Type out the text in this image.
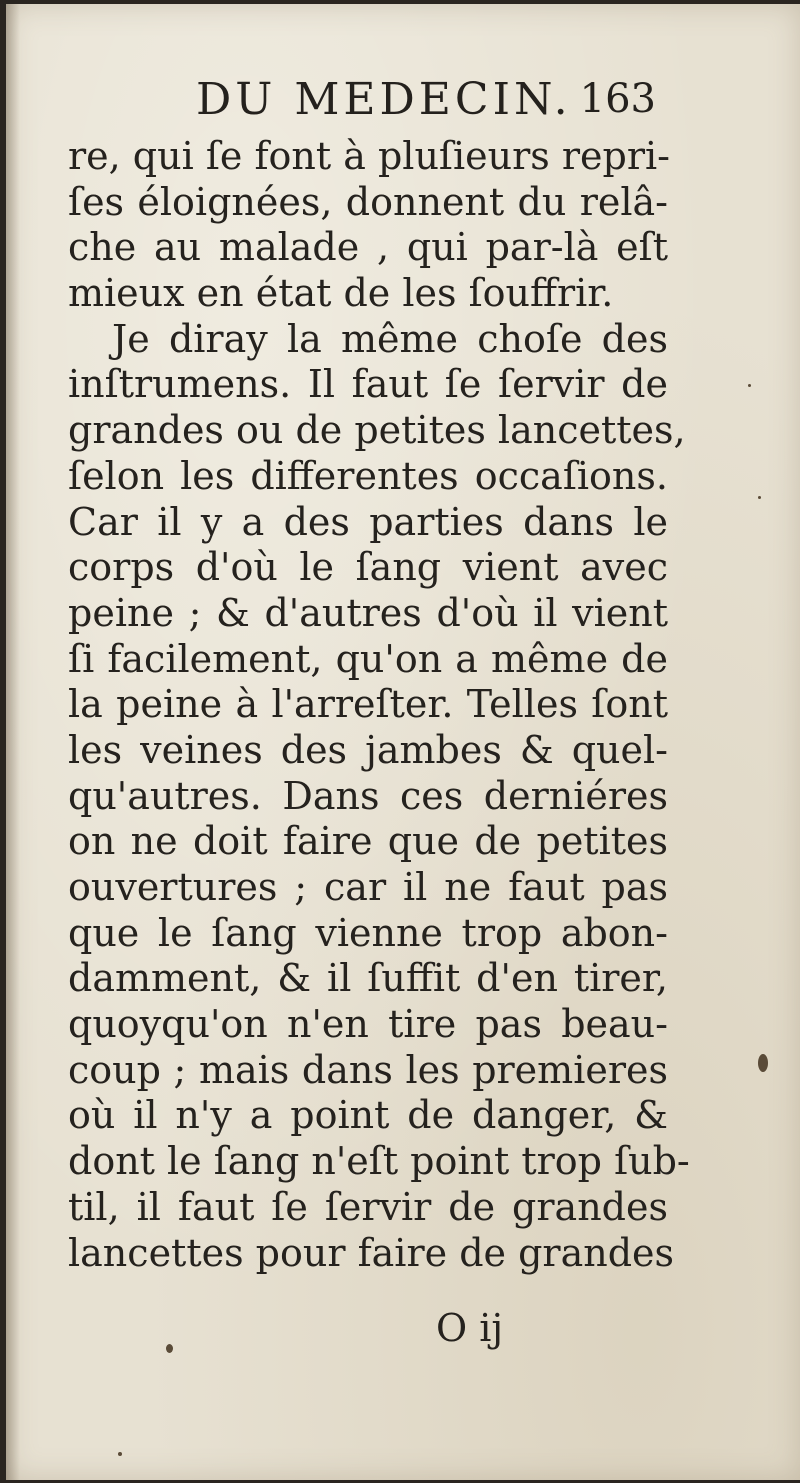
DU MEDECIN. 163
re, qui ſe font à pluſieurs repri-
ſes éloignées, donnent du relâ-
che au malade , qui par-là eſt
mieux en état de les ſouffrir.
Je diray la même choſe des
inſtrumens. Il faut ſe ſervir de
grandes ou de petites lancettes,
ſelon les differentes occaſions.
Car il y a des parties dans le
corps d'où le ſang vient avec
peine ; & d'autres d'où il vient
ſi facilement, qu'on a même de
la peine à l'arreſter. Telles ſont
les veines des jambes & quel-
qu'autres. Dans ces derniéres
on ne doit faire que de petites
ouvertures ; car il ne faut pas
que le ſang vienne trop abon-
damment, & il ſuffit d'en tirer,
quoyqu'on n'en tire pas beau-
coup ; mais dans les premieres
où il n'y a point de danger, &
dont le ſang n'eſt point trop ſub-
til, il faut ſe ſervir de grandes
lancettes pour faire de grandes
O ij
